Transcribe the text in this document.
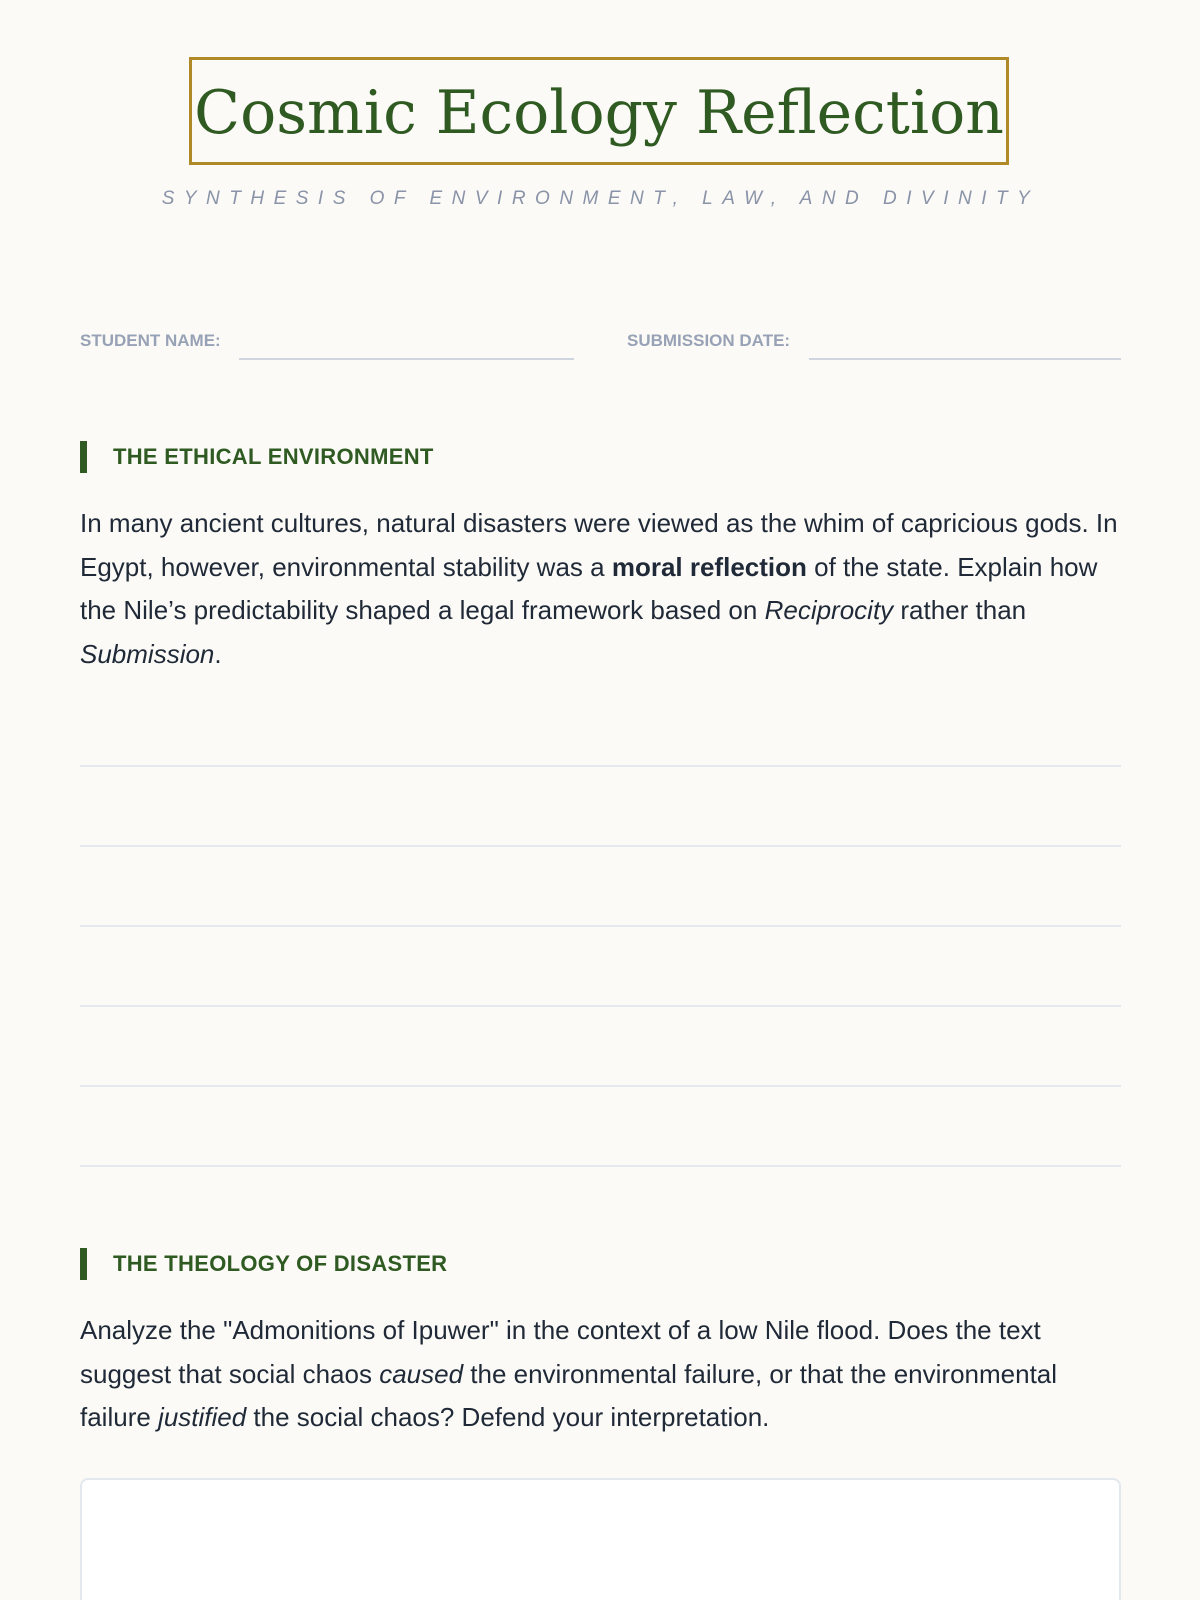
Cosmic Ecology Reflection
SYNTHESIS OF ENVIRONMENT, LAW, AND DIVINITY
STUDENT NAME:	SUBMISSION DATE:
THE ETHICAL ENVIRONMENT
In many ancient cultures, natural disasters were viewed as the whim of capricious gods. In Egypt, however, environmental stability was a moral reflection of the state. Explain how the Nile’s predictability shaped a legal framework based on Reciprocity rather than Submission.
THE THEOLOGY OF DISASTER
Analyze the "Admonitions of Ipuwer" in the context of a low Nile flood. Does the text suggest that social chaos caused the environmental failure, or that the environmental failure justified the social chaos? Defend your interpretation.
